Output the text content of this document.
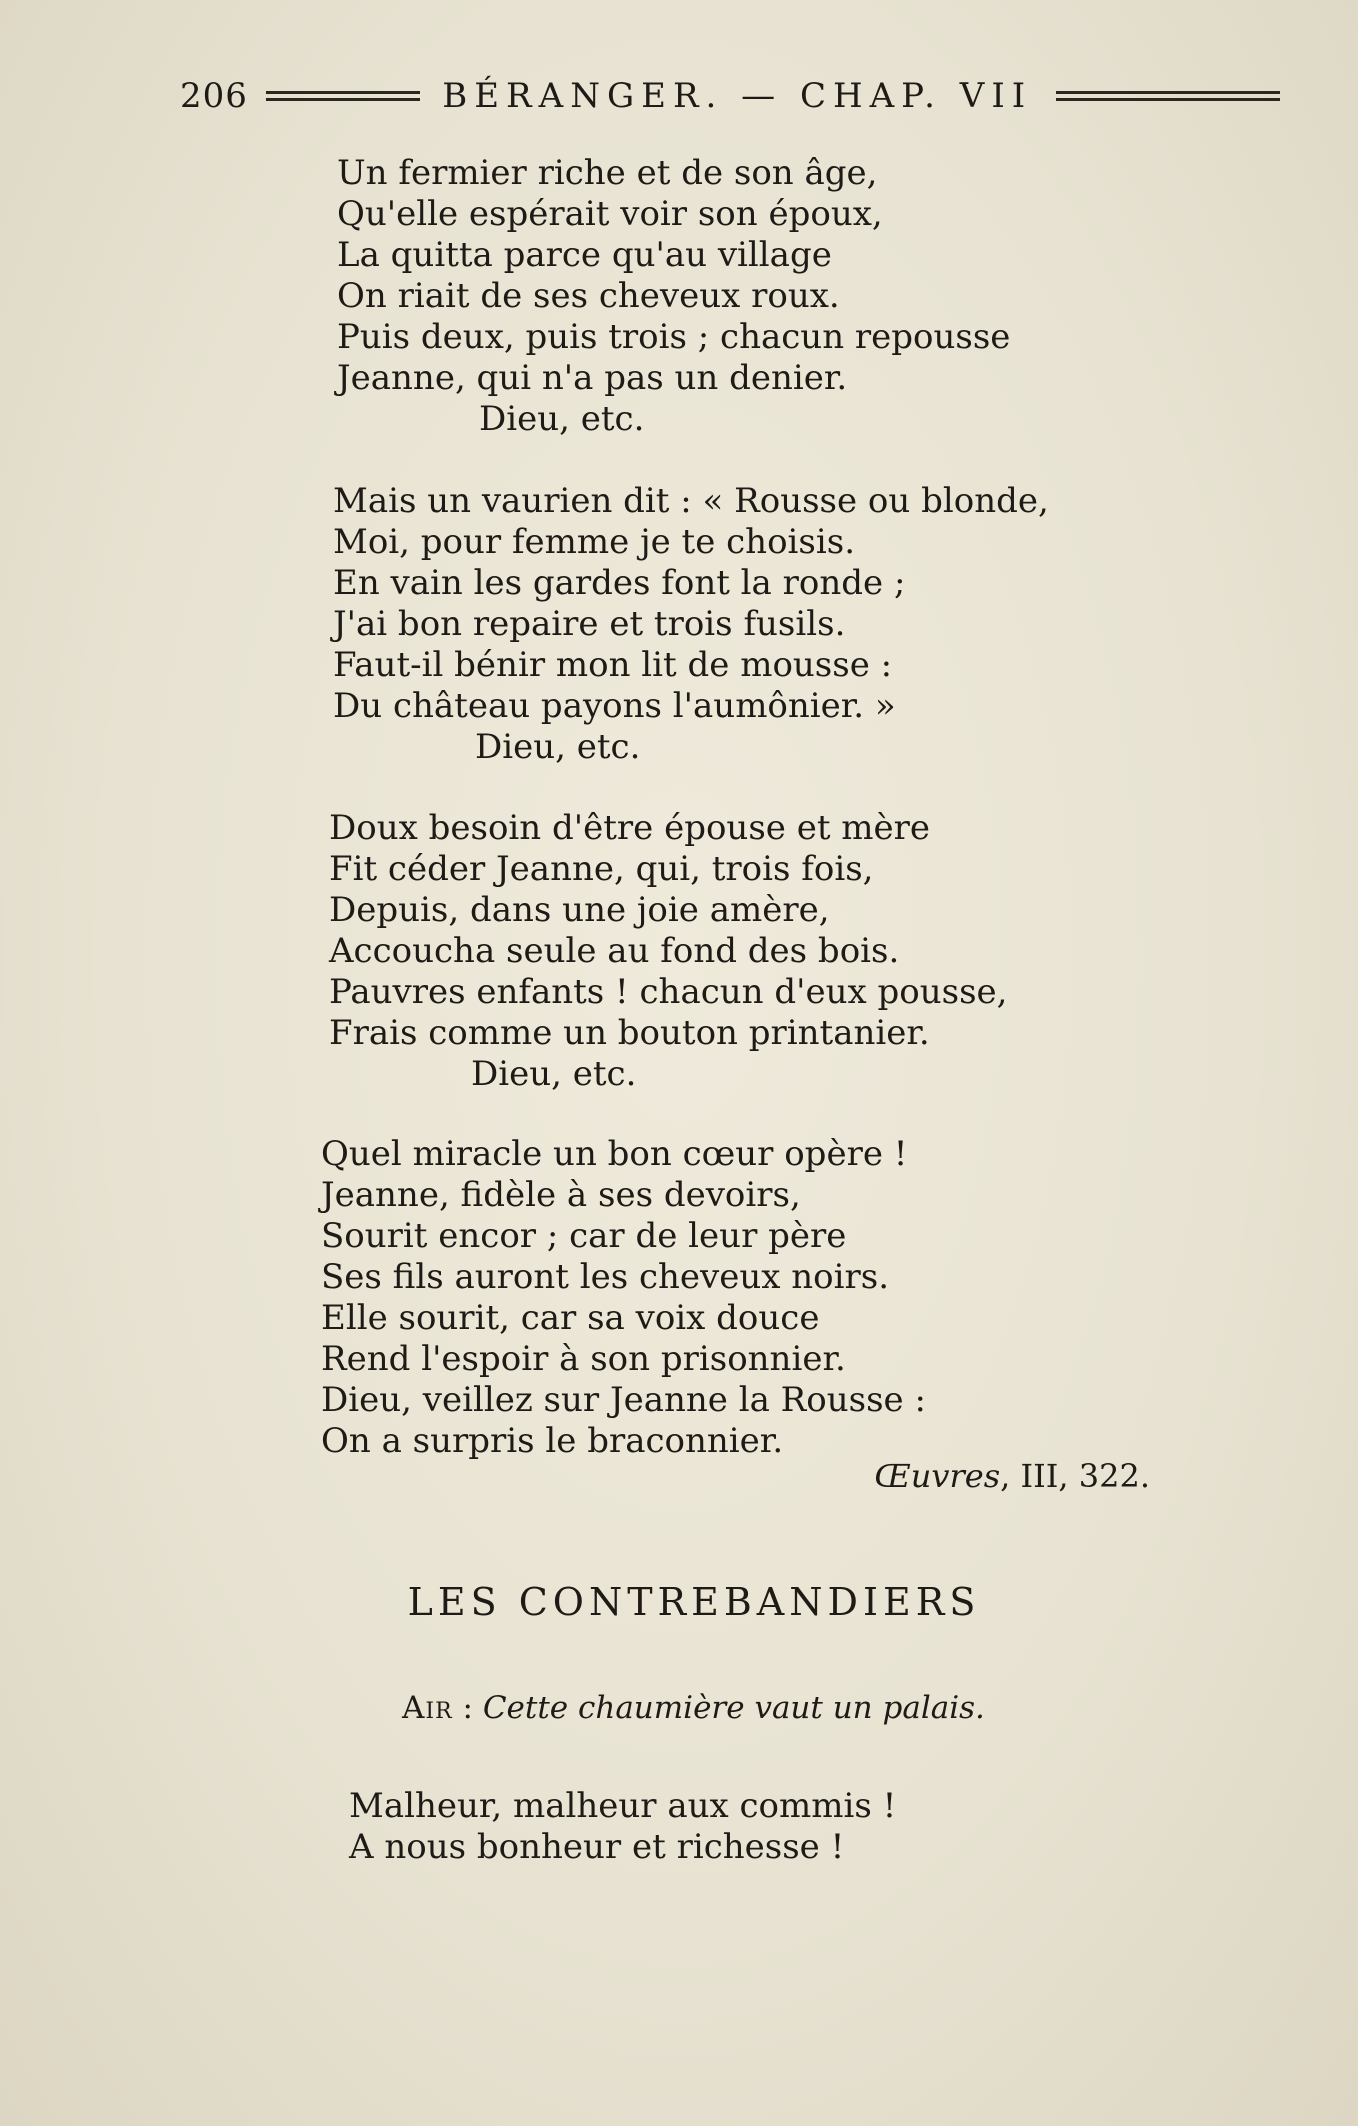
206	BÉRANGER. — CHAP. VII
Un fermier riche et de son âge,
Qu'elle espérait voir son époux,
La quitta parce qu'au village
On riait de ses cheveux roux.
Puis deux, puis trois ; chacun repousse
Jeanne, qui n'a pas un denier.
Dieu, etc.
Mais un vaurien dit : « Rousse ou blonde,
Moi, pour femme je te choisis.
En vain les gardes font la ronde ;
J'ai bon repaire et trois fusils.
Faut-il bénir mon lit de mousse :
Du château payons l'aumônier. »
Dieu, etc.
Doux besoin d'être épouse et mère
Fit céder Jeanne, qui, trois fois,
Depuis, dans une joie amère,
Accoucha seule au fond des bois.
Pauvres enfants ! chacun d'eux pousse,
Frais comme un bouton printanier.
Dieu, etc.
Quel miracle un bon cœur opère !
Jeanne, fidèle à ses devoirs,
Sourit encor ; car de leur père
Ses fils auront les cheveux noirs.
Elle sourit, car sa voix douce
Rend l'espoir à son prisonnier.
Dieu, veillez sur Jeanne la Rousse :
On a surpris le braconnier.
Œuvres, III, 322.
LES CONTREBANDIERS
Air : Cette chaumière vaut un palais.
Malheur, malheur aux commis !
A nous bonheur et richesse !
